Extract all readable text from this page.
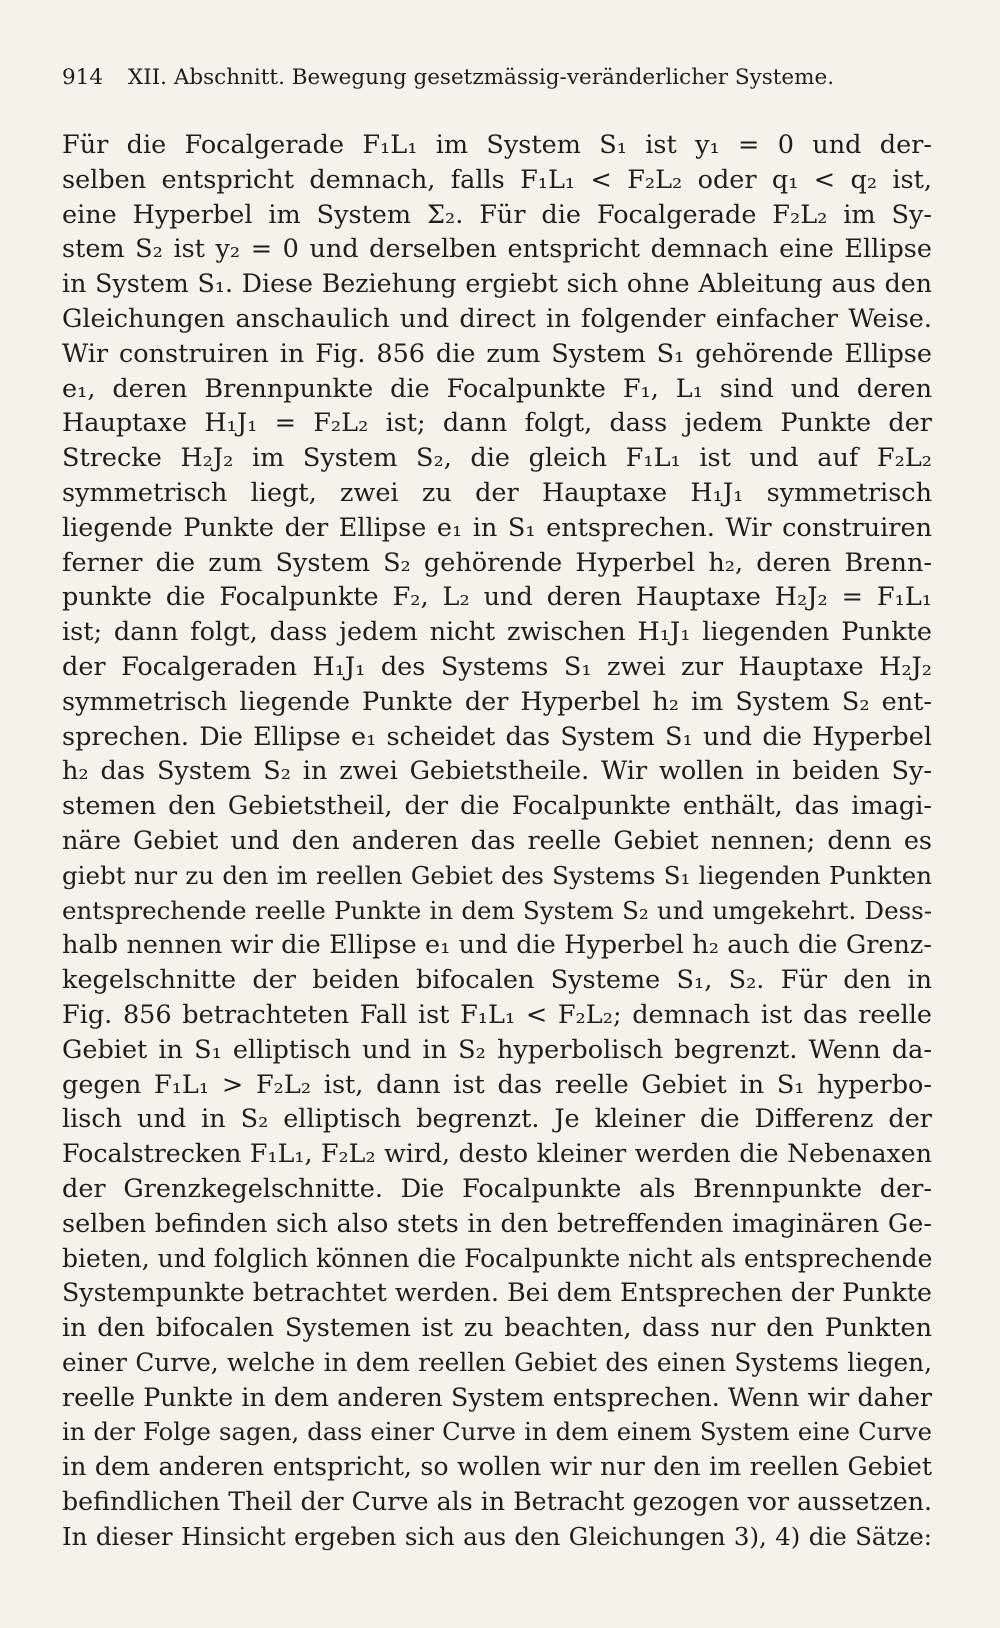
914 XII. Abschnitt. Bewegung gesetzmässig-veränderlicher Systeme.
Für die Focalgerade F₁L₁ im System S₁ ist y₁ = 0 und der-
selben entspricht demnach, falls F₁L₁ < F₂L₂ oder q₁ < q₂ ist,
eine Hyperbel im System Σ₂. Für die Focalgerade F₂L₂ im Sy-
stem S₂ ist y₂ = 0 und derselben entspricht demnach eine Ellipse
in System S₁. Diese Beziehung ergiebt sich ohne Ableitung aus den
Gleichungen anschaulich und direct in folgender einfacher Weise.
Wir construiren in Fig. 856 die zum System S₁ gehörende Ellipse
e₁, deren Brennpunkte die Focalpunkte F₁, L₁ sind und deren
Hauptaxe H₁J₁ = F₂L₂ ist; dann folgt, dass jedem Punkte der
Strecke H₂J₂ im System S₂, die gleich F₁L₁ ist und auf F₂L₂
symmetrisch liegt, zwei zu der Hauptaxe H₁J₁ symmetrisch
liegende Punkte der Ellipse e₁ in S₁ entsprechen. Wir construiren
ferner die zum System S₂ gehörende Hyperbel h₂, deren Brenn-
punkte die Focalpunkte F₂, L₂ und deren Hauptaxe H₂J₂ = F₁L₁
ist; dann folgt, dass jedem nicht zwischen H₁J₁ liegenden Punkte
der Focalgeraden H₁J₁ des Systems S₁ zwei zur Hauptaxe H₂J₂
symmetrisch liegende Punkte der Hyperbel h₂ im System S₂ ent-
sprechen. Die Ellipse e₁ scheidet das System S₁ und die Hyperbel
h₂ das System S₂ in zwei Gebietstheile. Wir wollen in beiden Sy-
stemen den Gebietstheil, der die Focalpunkte enthält, das imagi-
näre Gebiet und den anderen das reelle Gebiet nennen; denn es
giebt nur zu den im reellen Gebiet des Systems S₁ liegenden Punkten
entsprechende reelle Punkte in dem System S₂ und umgekehrt. Dess-
halb nennen wir die Ellipse e₁ und die Hyperbel h₂ auch die Grenz-
kegelschnitte der beiden bifocalen Systeme S₁, S₂. Für den in
Fig. 856 betrachteten Fall ist F₁L₁ < F₂L₂; demnach ist das reelle
Gebiet in S₁ elliptisch und in S₂ hyperbolisch begrenzt. Wenn da-
gegen F₁L₁ > F₂L₂ ist, dann ist das reelle Gebiet in S₁ hyperbo-
lisch und in S₂ elliptisch begrenzt. Je kleiner die Differenz der
Focalstrecken F₁L₁, F₂L₂ wird, desto kleiner werden die Nebenaxen
der Grenzkegelschnitte. Die Focalpunkte als Brennpunkte der-
selben befinden sich also stets in den betreffenden imaginären Ge-
bieten, und folglich können die Focalpunkte nicht als entsprechende
Systempunkte betrachtet werden. Bei dem Entsprechen der Punkte
in den bifocalen Systemen ist zu beachten, dass nur den Punkten
einer Curve, welche in dem reellen Gebiet des einen Systems liegen,
reelle Punkte in dem anderen System entsprechen. Wenn wir daher
in der Folge sagen, dass einer Curve in dem einem System eine Curve
in dem anderen entspricht, so wollen wir nur den im reellen Gebiet
befindlichen Theil der Curve als in Betracht gezogen vor aussetzen.
In dieser Hinsicht ergeben sich aus den Gleichungen 3), 4) die Sätze:
